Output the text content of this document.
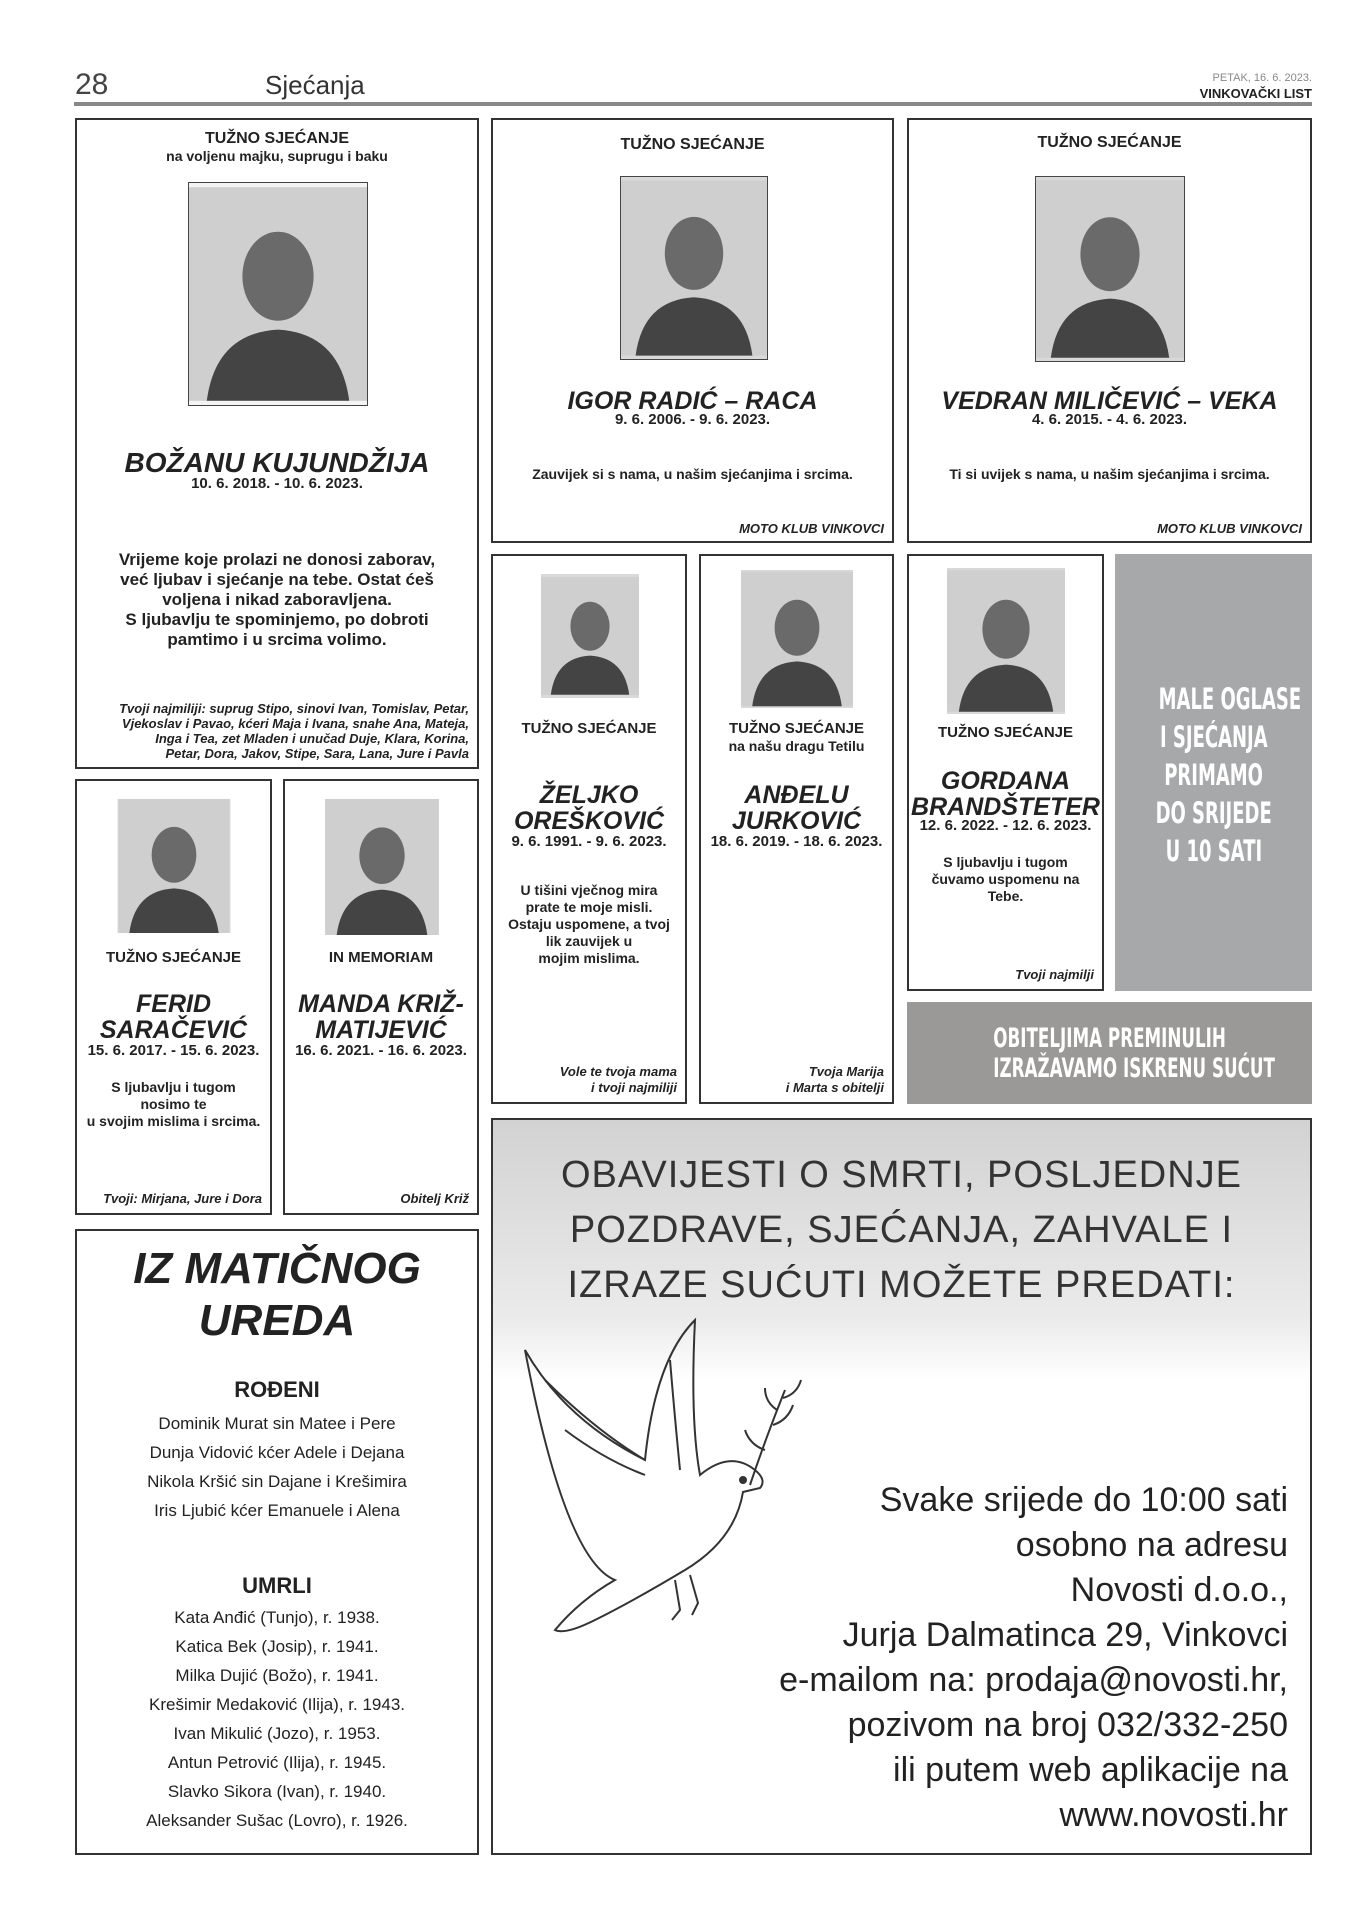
28	Sjećanja	PETAK, 16. 6. 2023.
VINKOVAČKI LIST
TUŽNO SJEĆANJE
na voljenu majku, suprugu i baku
BOŽANU KUJUNDŽIJA
10. 6. 2018. - 10. 6. 2023.
Vrijeme koje prolazi ne donosi zaborav,
već ljubav i sjećanje na tebe. Ostat ćeš
voljena i nikad zaboravljena.
S ljubavlju te spominjemo, po dobroti
pamtimo i u srcima volimo.
Tvoji najmiliji: suprug Stipo, sinovi Ivan, Tomislav, Petar,
Vjekoslav i Pavao, kćeri Maja i Ivana, snahe Ana, Mateja,
Inga i Tea, zet Mladen i unučad Duje, Klara, Korina,
Petar, Dora, Jakov, Stipe, Sara, Lana, Jure i Pavla
TUŽNO SJEĆANJE
IGOR RADIĆ – RACA
9. 6. 2006. - 9. 6. 2023.
Zauvijek si s nama, u našim sjećanjima i srcima.
MOTO KLUB VINKOVCI
TUŽNO SJEĆANJE
VEDRAN MILIČEVIĆ – VEKA
4. 6. 2015. - 4. 6. 2023.
Ti si uvijek s nama, u našim sjećanjima i srcima.
MOTO KLUB VINKOVCI
TUŽNO SJEĆANJE
ŽELJKO
OREŠKOVIĆ
9. 6. 1991. - 9. 6. 2023.
U tišini vječnog mira
prate te moje misli.
Ostaju uspomene, a tvoj
lik zauvijek u
mojim mislima.
Vole te tvoja mama
i tvoji najmiliji
TUŽNO SJEĆANJE
na našu dragu Tetilu
ANĐELU
JURKOVIĆ
18. 6. 2019. - 18. 6. 2023.
Tvoja Marija
i Marta s obitelji
TUŽNO SJEĆANJE
GORDANA
BRANDŠTETER
12. 6. 2022. - 12. 6. 2023.
S ljubavlju i tugom
čuvamo uspomenu na
Tebe.
Tvoji najmilji
MALE OGLASE
I SJEĆANJA
PRIMAMO
DO SRIJEDE
U 10 SATI
OBITELJIMA PREMINULIH
IZRAŽAVAMO ISKRENU SUĆUT
TUŽNO SJEĆANJE
FERID
SARAČEVIĆ
15. 6. 2017. - 15. 6. 2023.
S ljubavlju i tugom
nosimo te
u svojim mislima i srcima.
Tvoji: Mirjana, Jure i Dora
IN MEMORIAM
MANDA KRIŽ-
MATIJEVIĆ
16. 6. 2021. - 16. 6. 2023.
Obitelj Križ
IZ MATIČNOG
UREDA
ROĐENI
Dominik Murat sin Matee i Pere
Dunja Vidović kćer Adele i Dejana
Nikola Kršić sin Dajane i Krešimira
Iris Ljubić kćer Emanuele i Alena
UMRLI
Kata Anđić (Tunjo), r. 1938.
Katica Bek (Josip), r. 1941.
Milka Dujić (Božo), r. 1941.
Krešimir Medaković (Ilija), r. 1943.
Ivan Mikulić (Jozo), r. 1953.
Antun Petrović (Ilija), r. 1945.
Slavko Sikora (Ivan), r. 1940.
Aleksander Sušac (Lovro), r. 1926.
OBAVIJESTI O SMRTI, POSLJEDNJE
POZDRAVE, SJEĆANJA, ZAHVALE I
IZRAZE SUĆUTI MOŽETE PREDATI:
Svake srijede do 10:00 sati
osobno na adresu
Novosti d.o.o.,
Jurja Dalmatinca 29, Vinkovci
e-mailom na: prodaja@novosti.hr,
pozivom na broj 032/332-250
ili putem web aplikacije na
www.novosti.hr
